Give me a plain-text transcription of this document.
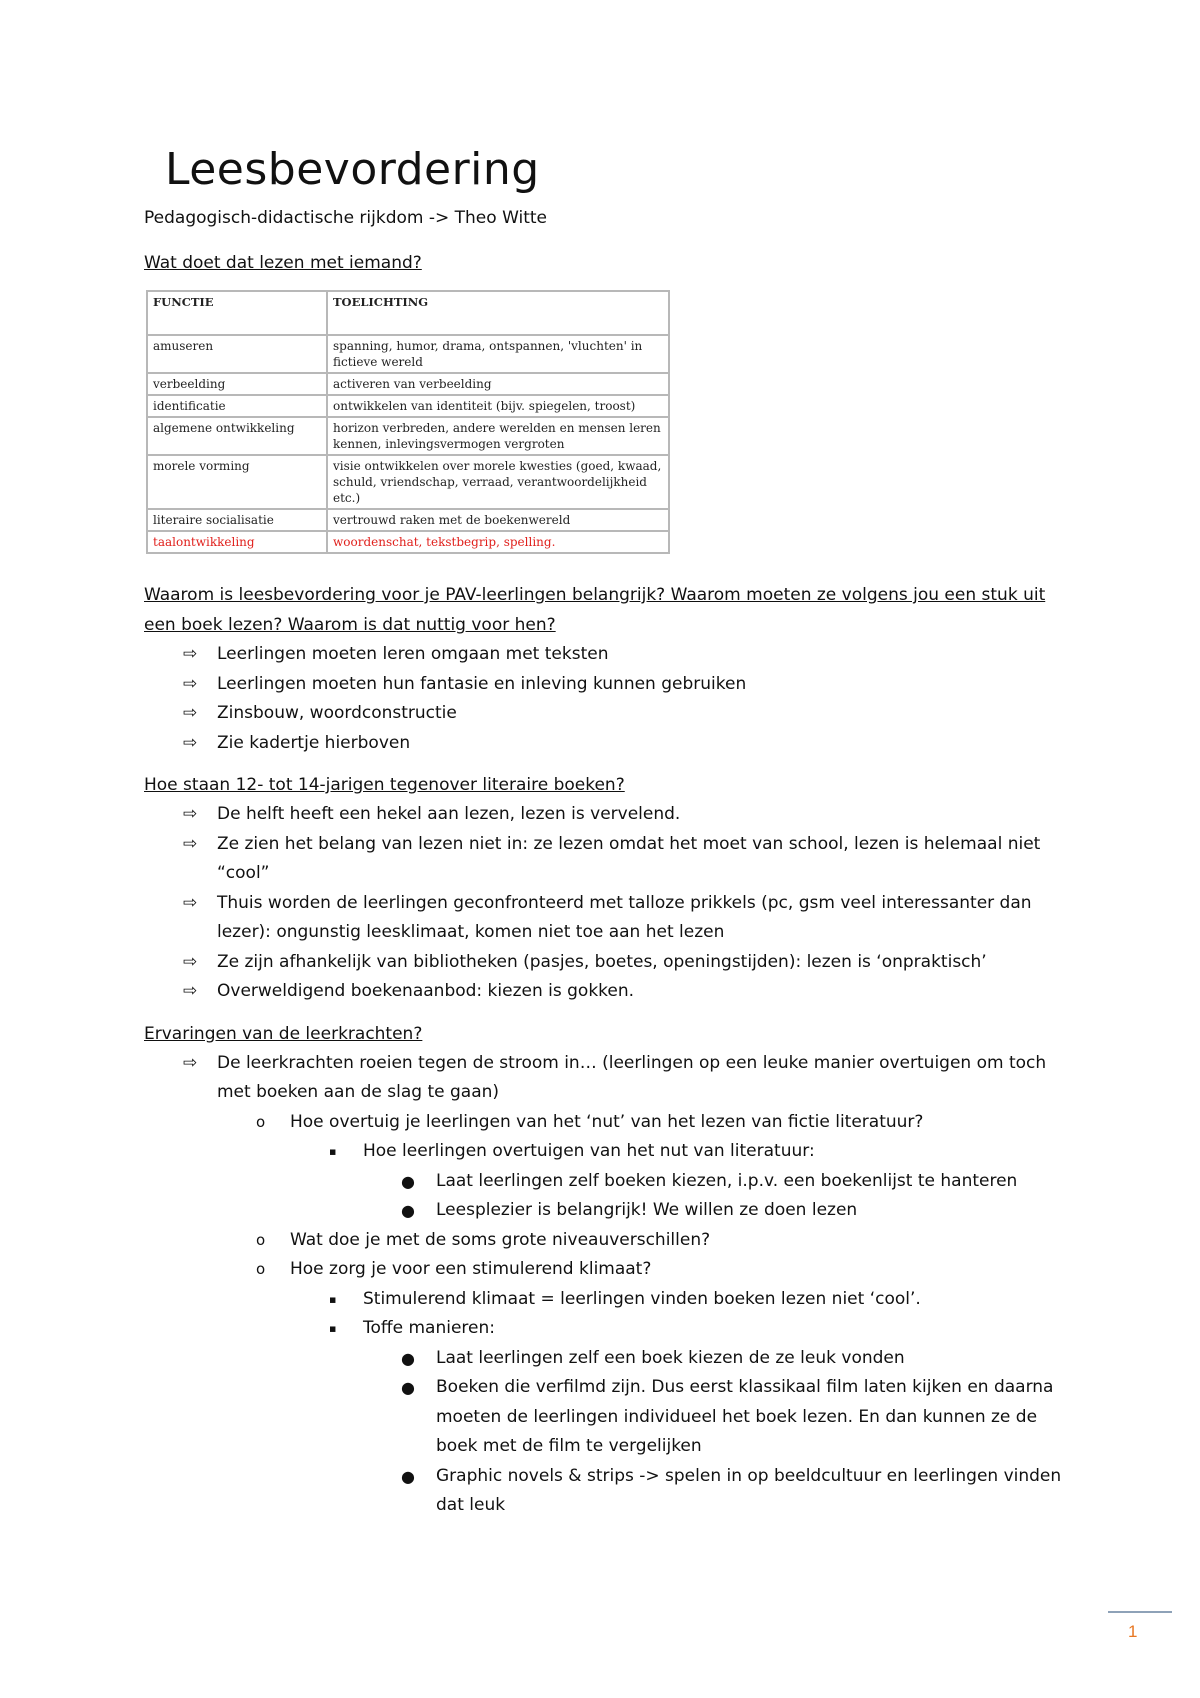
Leesbevordering
Pedagogisch-didactische rijkdom -> Theo Witte
Wat doet dat lezen met iemand?
FUNCTIE	TOELICHTING
amuseren	spanning, humor, drama, ontspannen, 'vluchten' in fictieve wereld
verbeelding	activeren van verbeelding
identificatie	ontwikkelen van identiteit (bijv. spiegelen, troost)
algemene ontwikkeling	horizon verbreden, andere werelden en mensen leren kennen, inlevingsvermogen vergroten
morele vorming	visie ontwikkelen over morele kwesties (goed, kwaad, schuld, vriendschap, verraad, verantwoordelijkheid etc.)
literaire socialisatie	vertrouwd raken met de boekenwereld
taalontwikkeling	woordenschat, tekstbegrip, spelling.
Waarom is leesbevordering voor je PAV-leerlingen belangrijk? Waarom moeten ze volgens jou een stuk uit een boek lezen? Waarom is dat nuttig voor hen?
⇨ Leerlingen moeten leren omgaan met teksten
⇨ Leerlingen moeten hun fantasie en inleving kunnen gebruiken
⇨ Zinsbouw, woordconstructie
⇨ Zie kadertje hierboven
Hoe staan 12- tot 14-jarigen tegenover literaire boeken?
⇨ De helft heeft een hekel aan lezen, lezen is vervelend.
⇨ Ze zien het belang van lezen niet in: ze lezen omdat het moet van school, lezen is helemaal niet “cool”
⇨ Thuis worden de leerlingen geconfronteerd met talloze prikkels (pc, gsm veel interessanter dan lezer): ongunstig leesklimaat, komen niet toe aan het lezen
⇨ Ze zijn afhankelijk van bibliotheken (pasjes, boetes, openingstijden): lezen is ‘onpraktisch’
⇨ Overweldigend boekenaanbod: kiezen is gokken.
Ervaringen van de leerkrachten?
⇨ De leerkrachten roeien tegen de stroom in… (leerlingen op een leuke manier overtuigen om toch met boeken aan de slag te gaan)
o Hoe overtuig je leerlingen van het ‘nut’ van het lezen van fictie literatuur?
▪ Hoe leerlingen overtuigen van het nut van literatuur:
● Laat leerlingen zelf boeken kiezen, i.p.v. een boekenlijst te hanteren
● Leesplezier is belangrijk! We willen ze doen lezen
o Wat doe je met de soms grote niveauverschillen?
o Hoe zorg je voor een stimulerend klimaat?
▪ Stimulerend klimaat = leerlingen vinden boeken lezen niet ‘cool’.
▪ Toffe manieren:
● Laat leerlingen zelf een boek kiezen de ze leuk vonden
● Boeken die verfilmd zijn. Dus eerst klassikaal film laten kijken en daarna moeten de leerlingen individueel het boek lezen. En dan kunnen ze de boek met de film te vergelijken
● Graphic novels & strips -> spelen in op beeldcultuur en leerlingen vinden dat leuk
1
